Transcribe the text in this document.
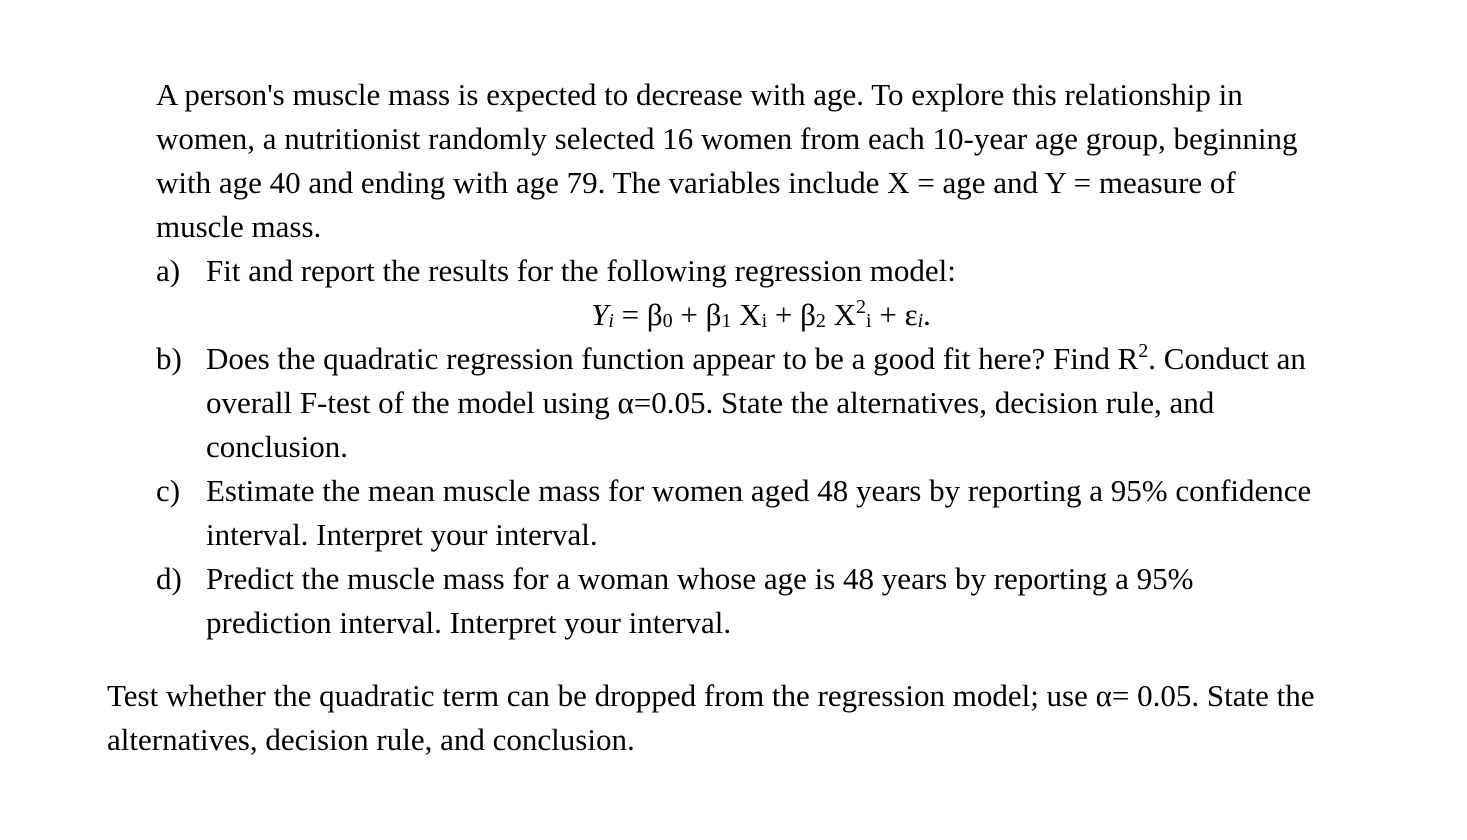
A person's muscle mass is expected to decrease with age. To explore this relationship in women, a nutritionist randomly selected 16 women from each 10-year age group, beginning with age 40 and ending with age 79. The variables include X = age and Y = measure of muscle mass.

a) Fit and report the results for the following regression model:
$Y_i = \beta_0 + \beta_1$ $X_i + \beta_2$ $X^2_i + \varepsilon_i$.
b) Does the quadratic regression function appear to be a good fit here? Find $R^2$. Conduct an overall F-test of the model using α=0.05. State the alternatives, decision rule, and conclusion.
c) Estimate the mean muscle mass for women aged 48 years by reporting a 95% confidence interval. Interpret your interval.
d) Predict the muscle mass for a woman whose age is 48 years by reporting a 95% prediction interval. Interpret your interval.

Test whether the quadratic term can be dropped from the regression model; use α= 0.05. State the alternatives, decision rule, and conclusion.
